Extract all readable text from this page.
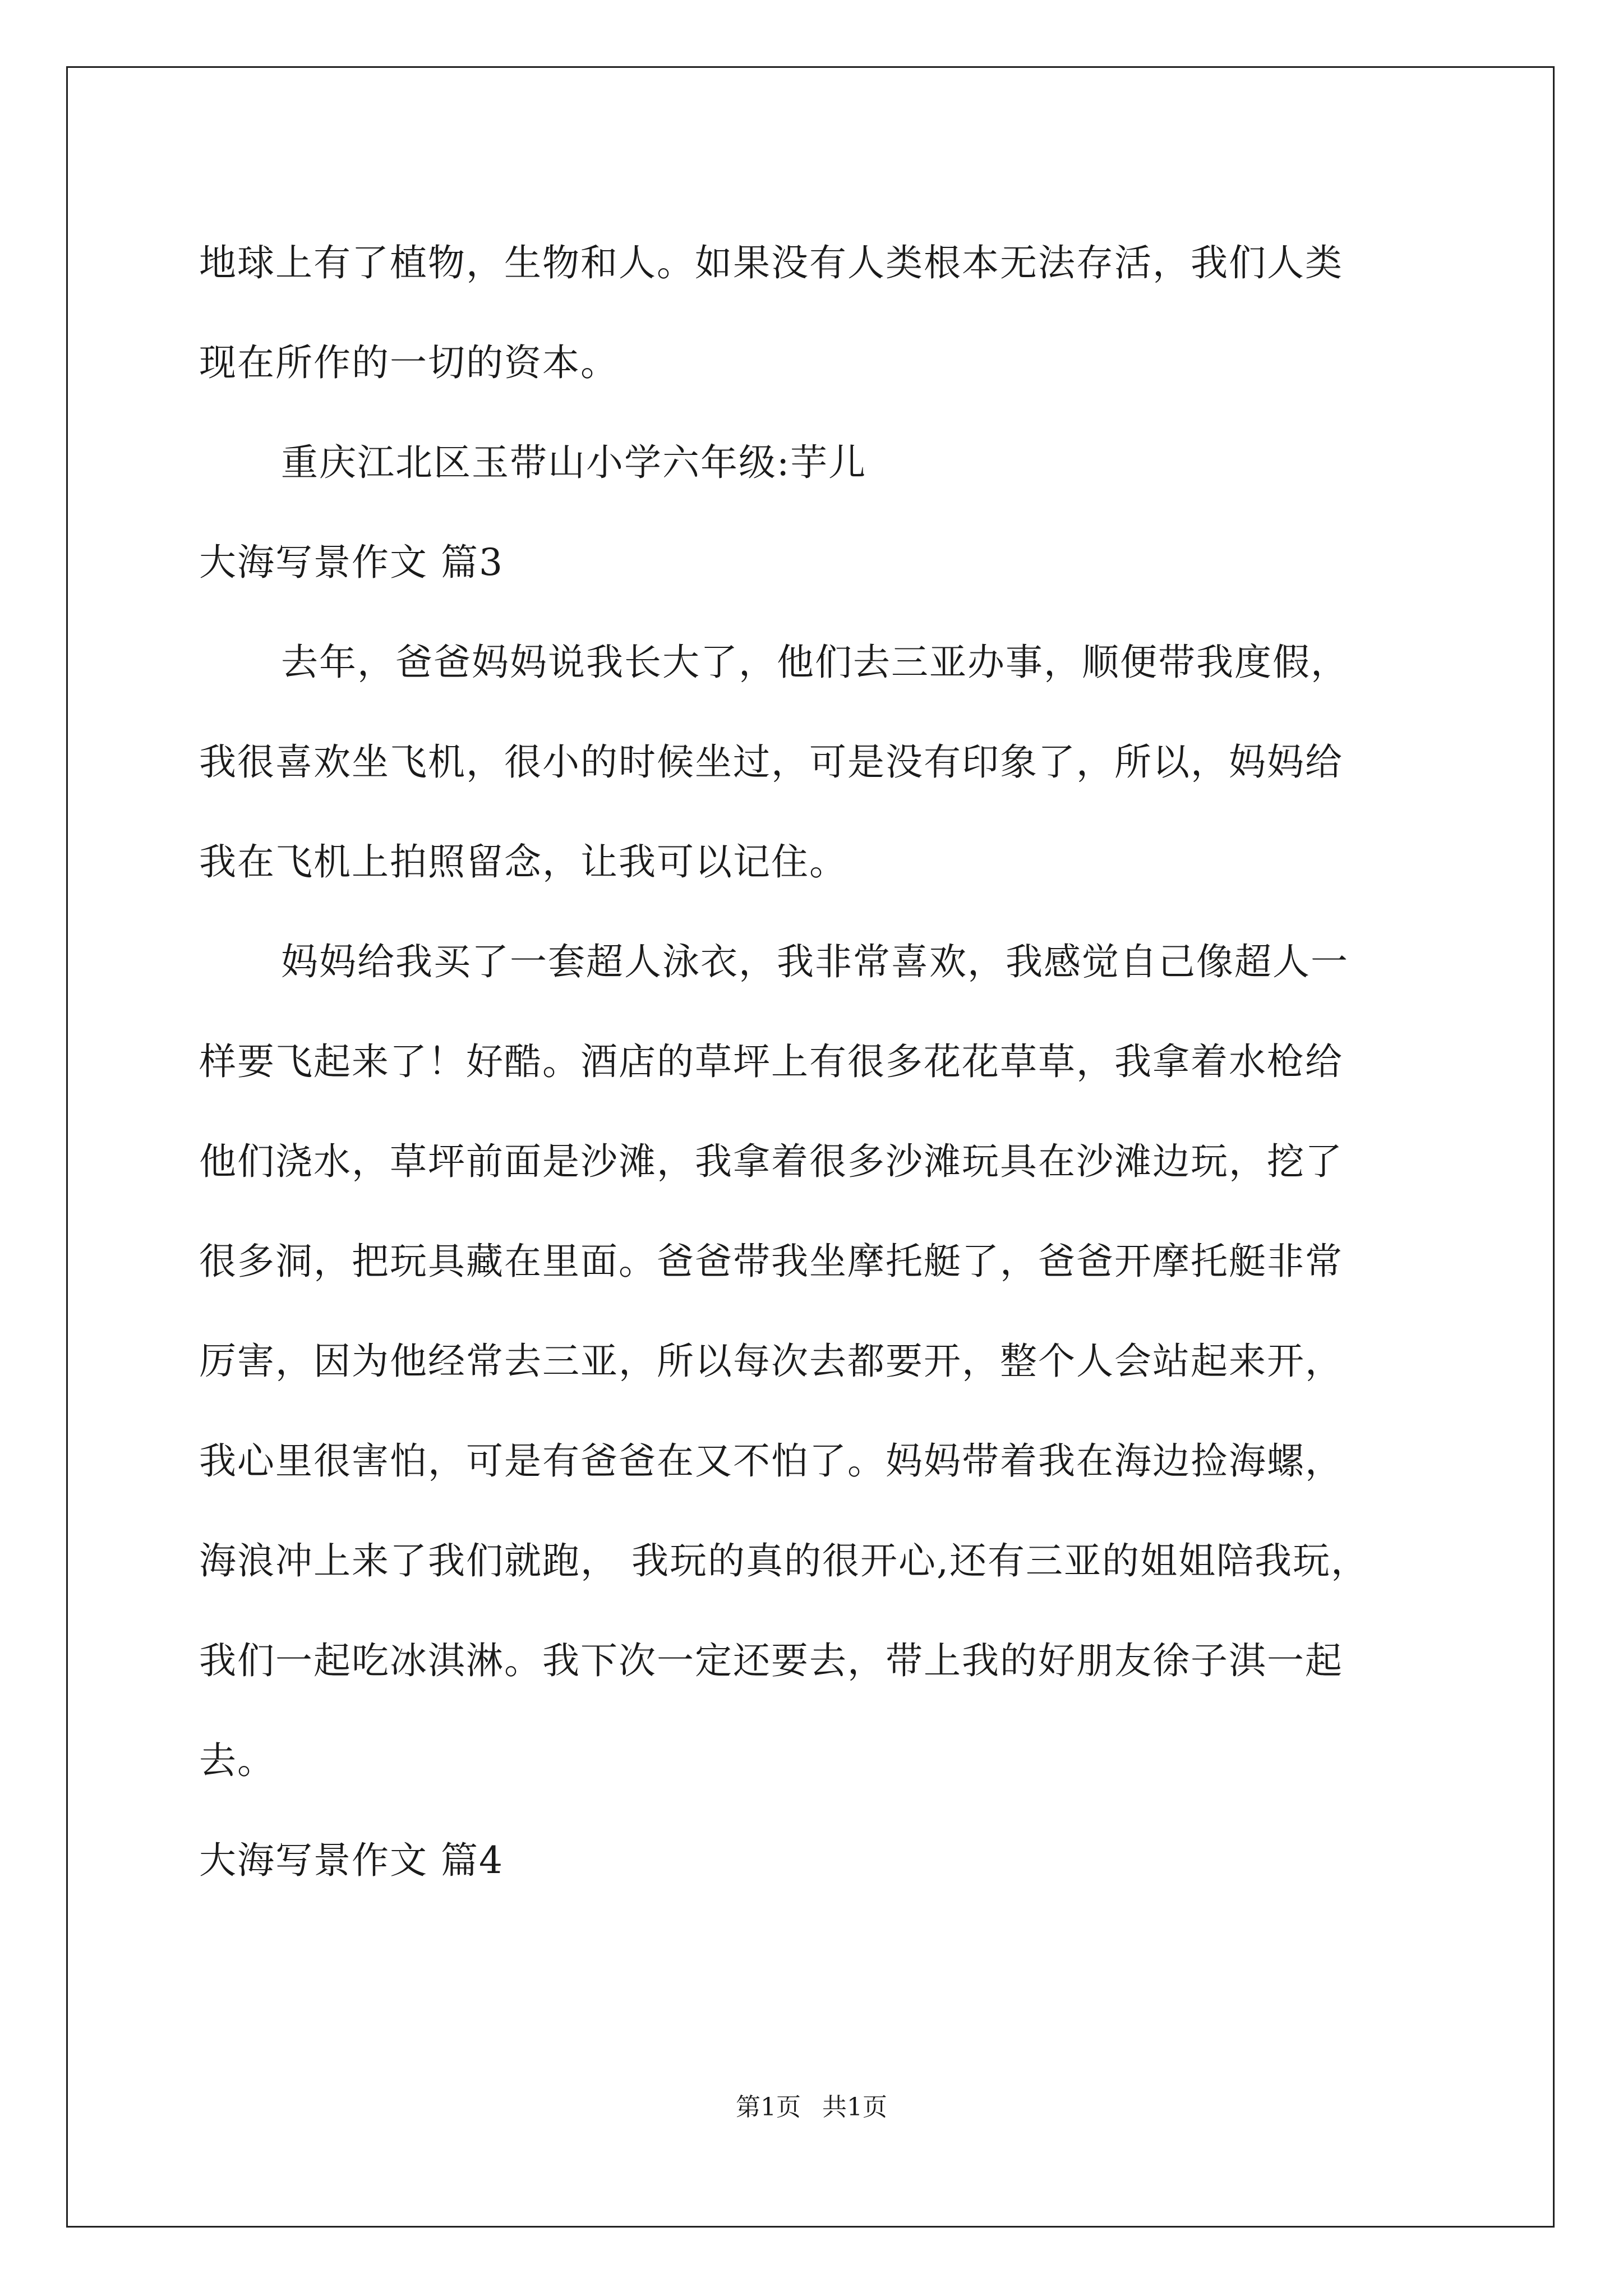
地球上有了植物，生物和人。如果没有人类根本无法存活，我们人类
现在所作的一切的资本。
重庆江北区玉带山小学六年级:芋儿
大海写景作文 篇3
去年，爸爸妈妈说我长大了，他们去三亚办事，顺便带我度假，
我很喜欢坐飞机，很小的时候坐过，可是没有印象了，所以，妈妈给
我在飞机上拍照留念，让我可以记住。
妈妈给我买了一套超人泳衣，我非常喜欢，我感觉自己像超人一
样要飞起来了！好酷。酒店的草坪上有很多花花草草，我拿着水枪给
他们浇水，草坪前面是沙滩，我拿着很多沙滩玩具在沙滩边玩，挖了
很多洞，把玩具藏在里面。爸爸带我坐摩托艇了，爸爸开摩托艇非常
厉害，因为他经常去三亚，所以每次去都要开，整个人会站起来开，
我心里很害怕，可是有爸爸在又不怕了。妈妈带着我在海边捡海螺，
海浪冲上来了我们就跑， 我玩的真的很开心,还有三亚的姐姐陪我玩，
我们一起吃冰淇淋。我下次一定还要去，带上我的好朋友徐子淇一起
去。
大海写景作文 篇4
第1页 共1页
